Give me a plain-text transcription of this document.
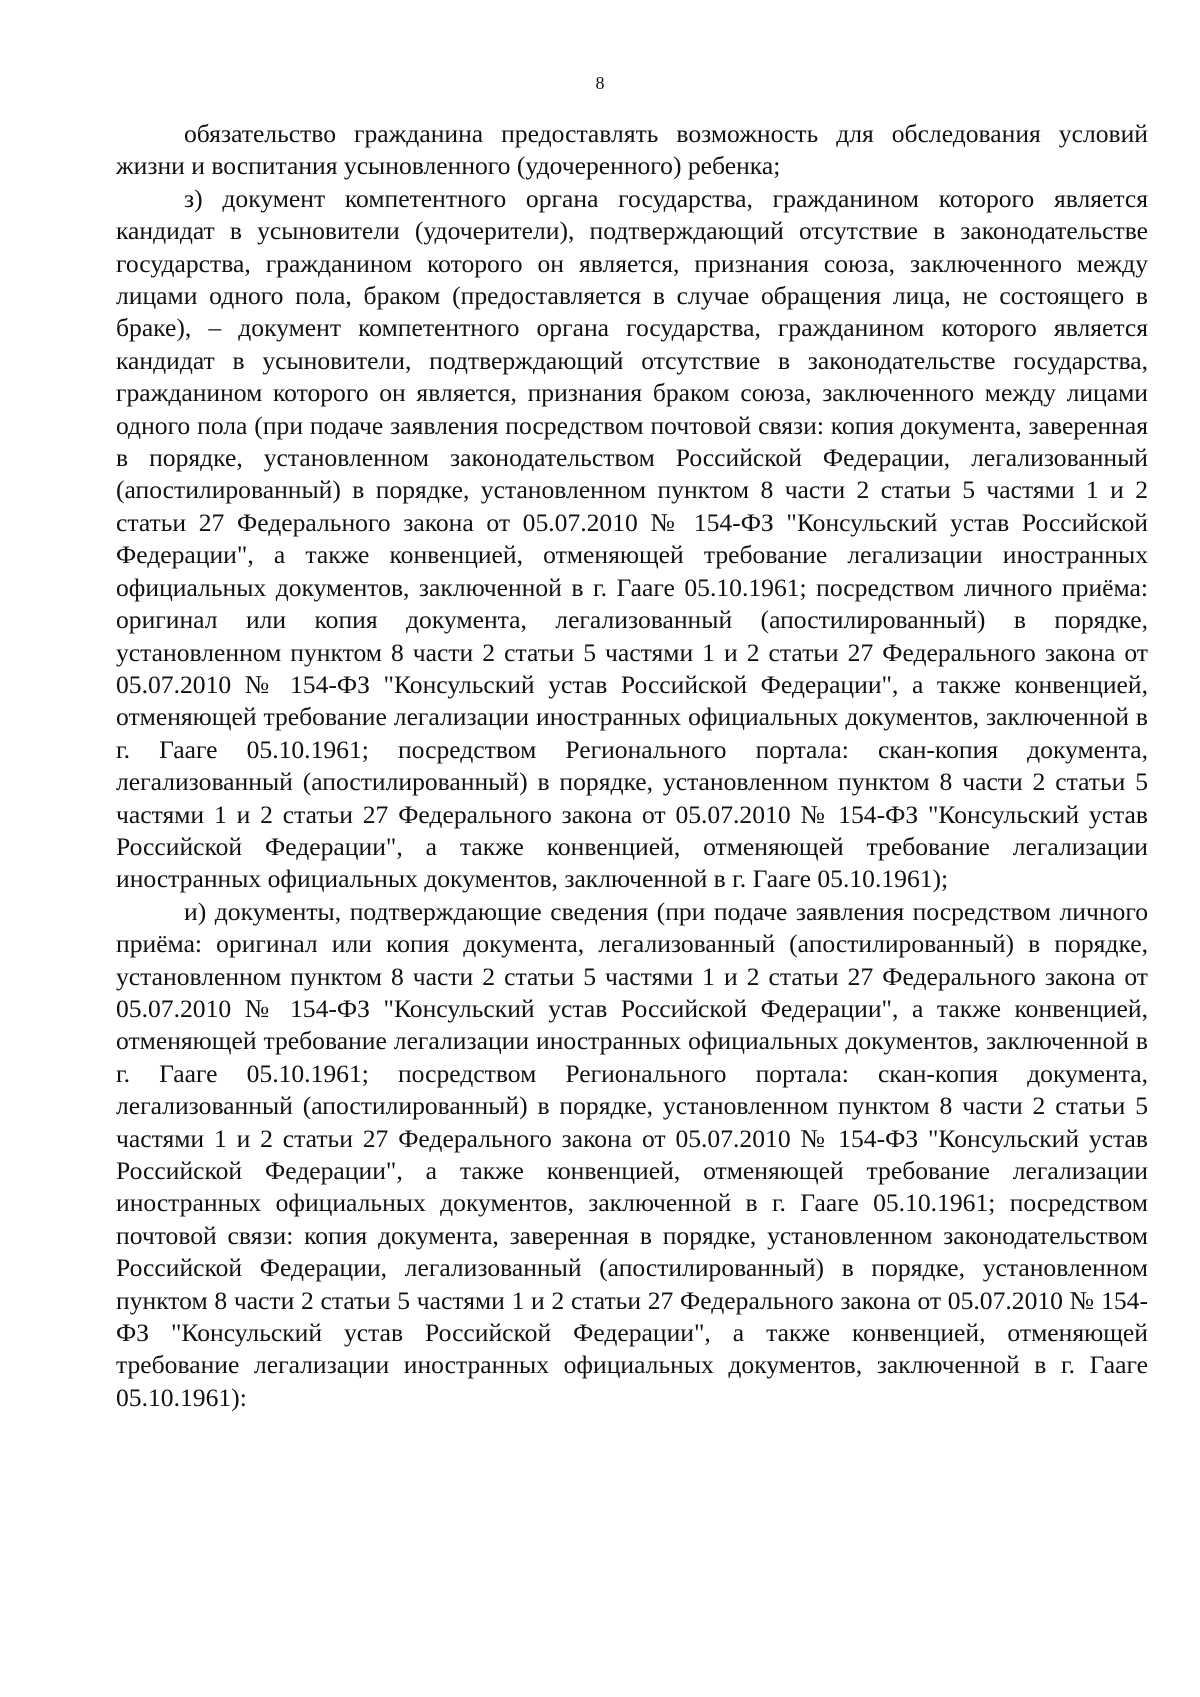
8

обязательство гражданина предоставлять возможность для обследования условий жизни и воспитания усыновленного (удочеренного) ребенка;

з) документ компетентного органа государства, гражданином которого является кандидат в усыновители (удочерители), подтверждающий отсутствие в законодательстве государства, гражданином которого он является, признания союза, заключенного между лицами одного пола, браком (предоставляется в случае обращения лица, не состоящего в браке), – документ компетентного органа государства, гражданином которого является кандидат в усыновители, подтверждающий отсутствие в законодательстве государства, гражданином которого он является, признания браком союза, заключенного между лицами одного пола (при подаче заявления посредством почтовой связи: копия документа, заверенная в порядке, установленном законодательством Российской Федерации, легализованный (апостилированный) в порядке, установленном пунктом 8 части 2 статьи 5 частями 1 и 2 статьи 27 Федерального закона от 05.07.2010 № 154-ФЗ "Консульский устав Российской Федерации", а также конвенцией, отменяющей требование легализации иностранных официальных документов, заключенной в г. Гааге 05.10.1961; посредством личного приёма: оригинал или копия документа, легализованный (апостилированный) в порядке, установленном пунктом 8 части 2 статьи 5 частями 1 и 2 статьи 27 Федерального закона от 05.07.2010 № 154-ФЗ "Консульский устав Российской Федерации", а также конвенцией, отменяющей требование легализации иностранных официальных документов, заключенной в г. Гааге 05.10.1961; посредством Регионального портала: скан-копия документа, легализованный (апостилированный) в порядке, установленном пунктом 8 части 2 статьи 5 частями 1 и 2 статьи 27 Федерального закона от 05.07.2010 № 154-ФЗ "Консульский устав Российской Федерации", а также конвенцией, отменяющей требование легализации иностранных официальных документов, заключенной в г. Гааге 05.10.1961);

и) документы, подтверждающие сведения (при подаче заявления посредством личного приёма: оригинал или копия документа, легализованный (апостилированный) в порядке, установленном пунктом 8 части 2 статьи 5 частями 1 и 2 статьи 27 Федерального закона от 05.07.2010 № 154-ФЗ "Консульский устав Российской Федерации", а также конвенцией, отменяющей требование легализации иностранных официальных документов, заключенной в г. Гааге 05.10.1961; посредством Регионального портала: скан-копия документа, легализованный (апостилированный) в порядке, установленном пунктом 8 части 2 статьи 5 частями 1 и 2 статьи 27 Федерального закона от 05.07.2010 № 154-ФЗ "Консульский устав Российской Федерации", а также конвенцией, отменяющей требование легализации иностранных официальных документов, заключенной в г. Гааге 05.10.1961; посредством почтовой связи: копия документа, заверенная в порядке, установленном законодательством Российской Федерации, легализованный (апостилированный) в порядке, установленном пунктом 8 части 2 статьи 5 частями 1 и 2 статьи 27 Федерального закона от 05.07.2010 № 154-ФЗ "Консульский устав Российской Федерации", а также конвенцией, отменяющей требование легализации иностранных официальных документов, заключенной в г. Гааге 05.10.1961):
